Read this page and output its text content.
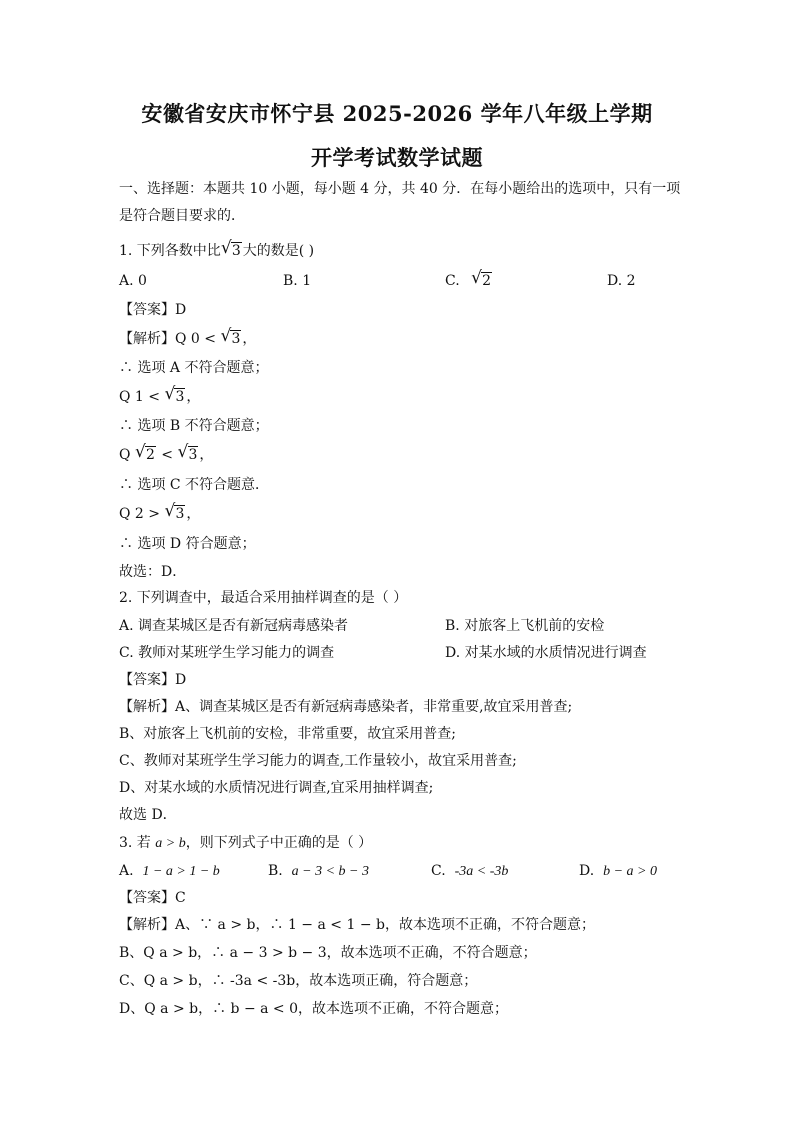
安徽省安庆市怀宁县 2025-2026 学年八年级上学期
开学考试数学试题
一、选择题：本题共 10 小题，每小题 4 分，共 40 分．在每小题给出的选项中，只有一项
是符合题目要求的．
1. 下列各数中比 √ 3 大的数是( )
A. 0	B. 1	C. √ 2	D. 2
【答案】D
【解析】Q 0 < √ 3 ，
∴ 选项 A 不符合题意；
Q 1 < √ 3 ，
∴ 选项 B 不符合题意；
Q √ 2 < √ 3 ，
∴ 选项 C 不符合题意．
Q 2 > √ 3 ，
∴ 选项 D 符合题意；
故选：D．
2. 下列调查中，最适合采用抽样调查的是（ ）
A. 调查某城区是否有新冠病毒感染者	B. 对旅客上飞机前的安检
C. 教师对某班学生学习能力的调查	D. 对某水域的水质情况进行调查
【答案】D
【解析】A、调查某城区是否有新冠病毒感染者，非常重要,故宜采用普查;
B、对旅客上飞机前的安检，非常重要，故宜采用普查;
C、教师对某班学生学习能力的调查,工作量较小，故宜采用普查;
D、对某水域的水质情况进行调查,宜采用抽样调查;
故选 D．
3. 若 a > b，则下列式子中正确的是（ ）
A. 1 − a > 1 − b	B. a − 3 < b − 3	C. -3a < -3b	D. b − a > 0
【答案】C
【解析】A、∵ a > b，∴ 1 − a < 1 − b，故本选项不正确，不符合题意；
B、Q a > b，∴ a − 3 > b − 3，故本选项不正确，不符合题意；
C、Q a > b，∴ -3a < -3b，故本选项正确，符合题意；
D、Q a > b，∴ b − a < 0，故本选项不正确，不符合题意；
